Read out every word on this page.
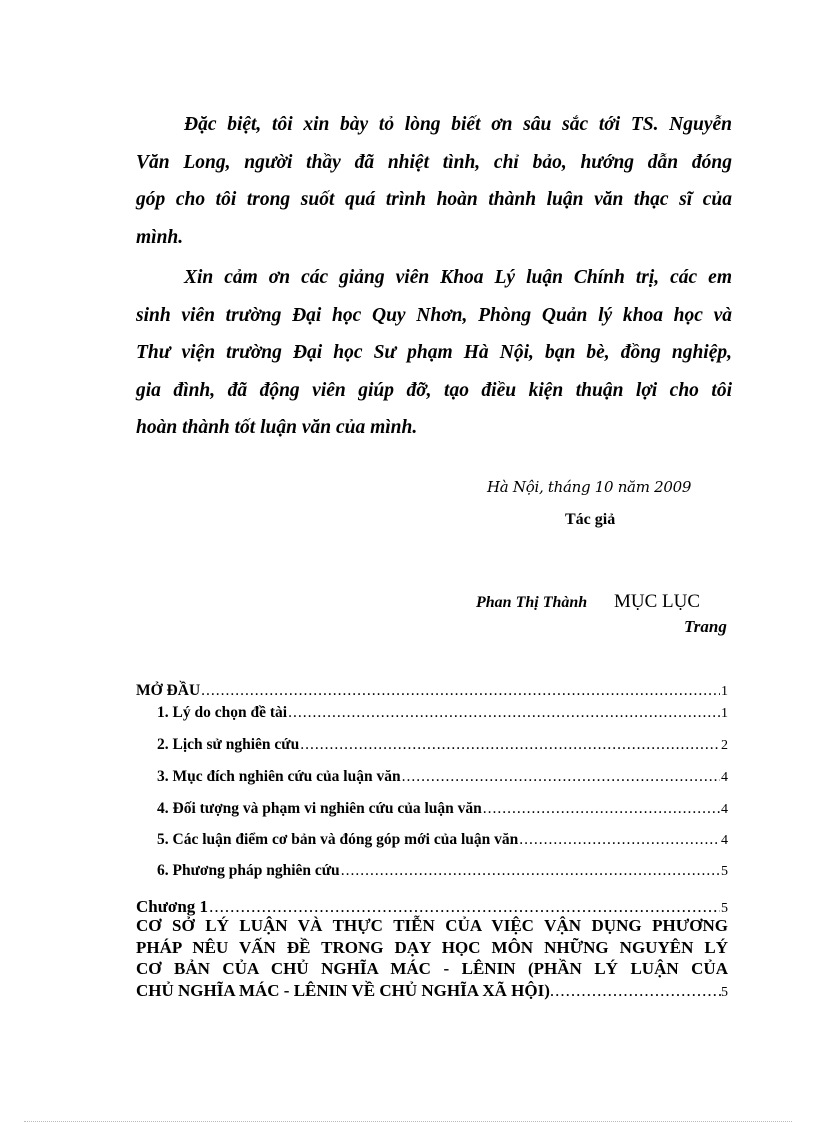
Đặc biệt, tôi xin bày tỏ lòng biết ơn sâu sắc tới TS. Nguyễn
Văn Long, người thầy đã nhiệt tình, chỉ bảo, hướng dẫn đóng
góp cho tôi trong suốt quá trình hoàn thành luận văn thạc sĩ của
mình.
Xin cảm ơn các giảng viên Khoa Lý luận Chính trị, các em
sinh viên trường Đại học Quy Nhơn, Phòng Quản lý khoa học và
Thư viện trường Đại học Sư phạm Hà Nội, bạn bè, đồng nghiệp,
gia đình, đã động viên giúp đỡ, tạo điều kiện thuận lợi cho tôi
hoàn thành tốt luận văn của mình.
Hà Nội, tháng 10 năm 2009
Tác giả
Phan Thị Thành MỤC LỤC
Trang
MỞ ĐẦU .....	1
1. Lý do chọn đề tài .....	1
2. Lịch sử nghiên cứu .....	2
3. Mục đích nghiên cứu của luận văn .....	4
4. Đối tượng và phạm vi nghiên cứu của luận văn .....	4
5. Các luận điểm cơ bản và đóng góp mới của luận văn .....	4
6. Phương pháp nghiên cứu .....	5
Chương 1 .....	5
CƠ SỞ LÝ LUẬN VÀ THỰC TIỄN CỦA VIỆC VẬN DỤNG PHƯƠNG
PHÁP NÊU VẤN ĐỀ TRONG DẠY HỌC MÔN NHỮNG NGUYÊN LÝ
CƠ BẢN CỦA CHỦ NGHĨA MÁC - LÊNIN (PHẦN LÝ LUẬN CỦA
CHỦ NGHĨA MÁC - LÊNIN VỀ CHỦ NGHĨA XÃ HỘI) .....	5
